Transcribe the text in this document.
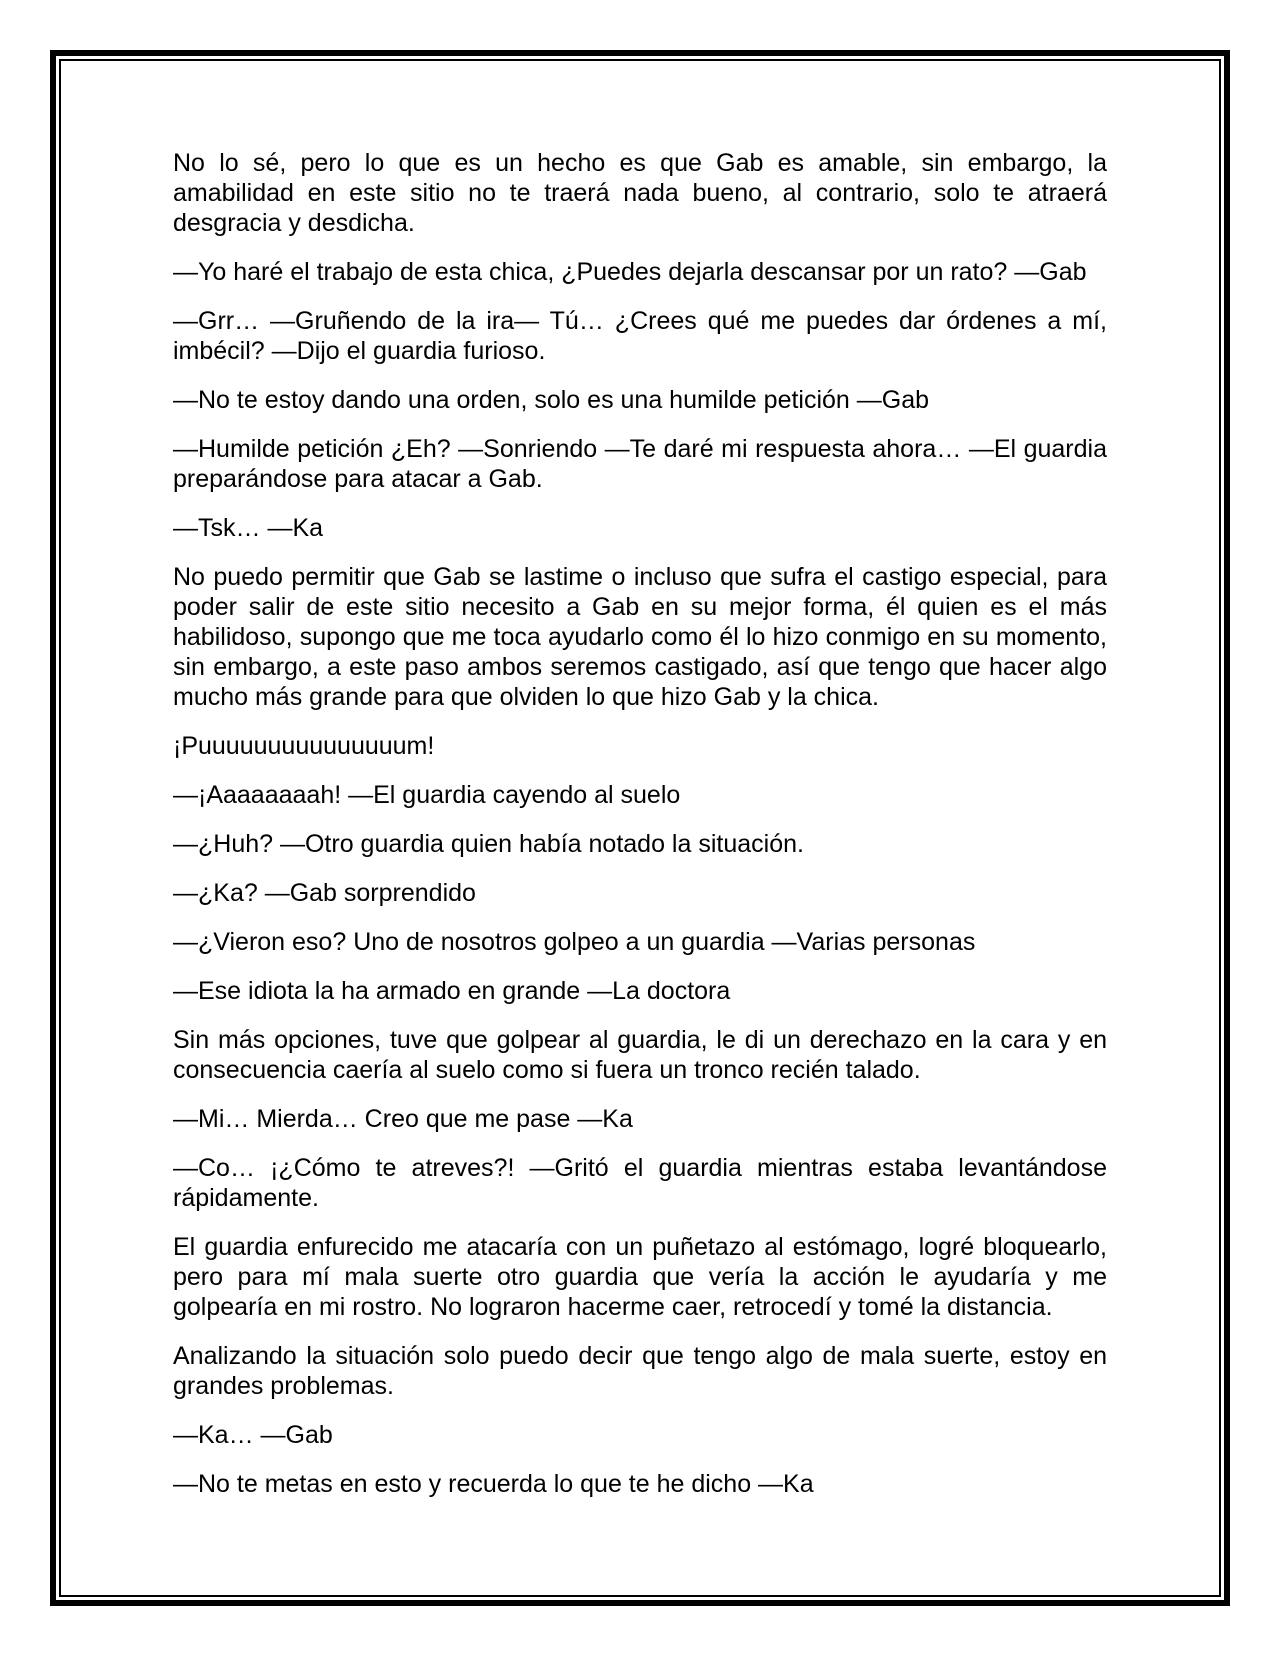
No lo sé, pero lo que es un hecho es que Gab es amable, sin embargo, la amabilidad en este sitio no te traerá nada bueno, al contrario, solo te atraerá desgracia y desdicha.

—Yo haré el trabajo de esta chica, ¿Puedes dejarla descansar por un rato? —Gab

—Grr… —Gruñendo de la ira— Tú… ¿Crees qué me puedes dar órdenes a mí, imbécil? —Dijo el guardia furioso.

—No te estoy dando una orden, solo es una humilde petición —Gab

—Humilde petición ¿Eh? —Sonriendo —Te daré mi respuesta ahora… —El guardia preparándose para atacar a Gab.

—Tsk… —Ka

No puedo permitir que Gab se lastime o incluso que sufra el castigo especial, para poder salir de este sitio necesito a Gab en su mejor forma, él quien es el más habilidoso, supongo que me toca ayudarlo como él lo hizo conmigo en su momento, sin embargo, a este paso ambos seremos castigado, así que tengo que hacer algo mucho más grande para que olviden lo que hizo Gab y la chica.

¡Puuuuuuuuuuuuuuum!

—¡Aaaaaaaah! —El guardia cayendo al suelo

—¿Huh? —Otro guardia quien había notado la situación.

—¿Ka? —Gab sorprendido

—¿Vieron eso? Uno de nosotros golpeo a un guardia —Varias personas

—Ese idiota la ha armado en grande —La doctora

Sin más opciones, tuve que golpear al guardia, le di un derechazo en la cara y en consecuencia caería al suelo como si fuera un tronco recién talado.

—Mi… Mierda… Creo que me pase —Ka

—Co… ¡¿Cómo te atreves?! —Gritó el guardia mientras estaba levantándose rápidamente.

El guardia enfurecido me atacaría con un puñetazo al estómago, logré bloquearlo, pero para mí mala suerte otro guardia que vería la acción le ayudaría y me golpearía en mi rostro. No lograron hacerme caer, retrocedí y tomé la distancia.

Analizando la situación solo puedo decir que tengo algo de mala suerte, estoy en grandes problemas.

—Ka… —Gab

—No te metas en esto y recuerda lo que te he dicho —Ka
